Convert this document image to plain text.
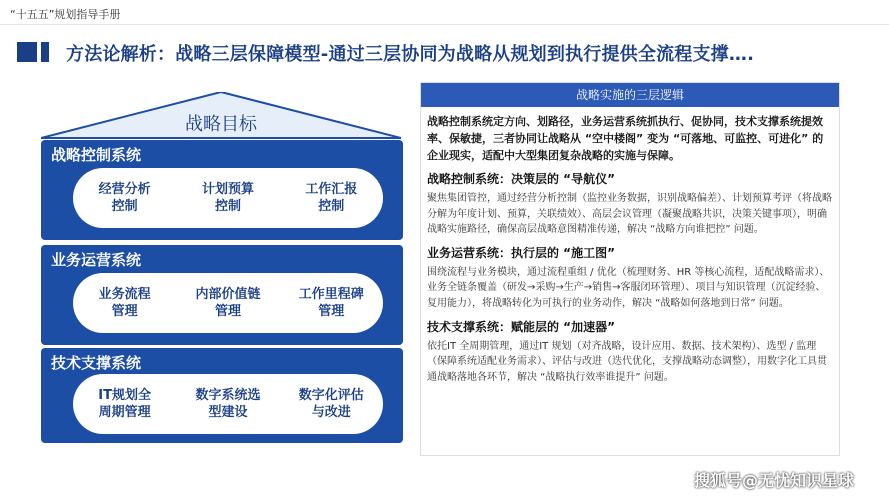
“十五五”规划指导手册
方法论解析：战略三层保障模型-通过三层协同为战略从规划到执行提供全流程支撑….
战略目标
战略控制系统
经营分析
控制
计划预算
控制
工作汇报
控制
业务运营系统
业务流程
管理
内部价值链
管理
工作里程碑
管理
技术支撑系统
IT规划全
周期管理
数字系统选
型建设
数字化评估
与改进
战略实施的三层逻辑
战略控制系统定方向、划路径，业务运营系统抓执行、促协同，技术支撑系统提效率、保敏捷，三者协同让战略从 “空中楼阁” 变为 “可落地、可监控、可进化” 的企业现实，适配中大型集团复杂战略的实施与保障。
战略控制系统：决策层的 “导航仪”
聚焦集团管控，通过经营分析控制（监控业务数据，识别战略偏差）、计划预算考评（将战略分解为年度计划、预算，关联绩效）、高层会议管理（凝聚战略共识，决策关键事项），明确战略实施路径，确保高层战略意图精准传递，解决 “战略方向谁把控” 问题。
业务运营系统：执行层的 “施工图”
围绕流程与业务模块，通过流程重组 / 优化（梳理财务、HR 等核心流程，适配战略需求）、业务全链条覆盖（研发→采购→生产→销售→客服闭环管理）、项目与知识管理（沉淀经验、复用能力），将战略转化为可执行的业务动作，解决 “战略如何落地到日常” 问题。
技术支撑系统：赋能层的 “加速器”
依托IT 全周期管理，通过IT 规划（对齐战略，设计应用、数据、技术架构）、选型 / 监理（保障系统适配业务需求）、评估与改进（迭代优化，支撑战略动态调整），用数字化工具贯通战略落地各环节，解决 “战略执行效率谁提升” 问题。
搜狐号@无忧知识星球
